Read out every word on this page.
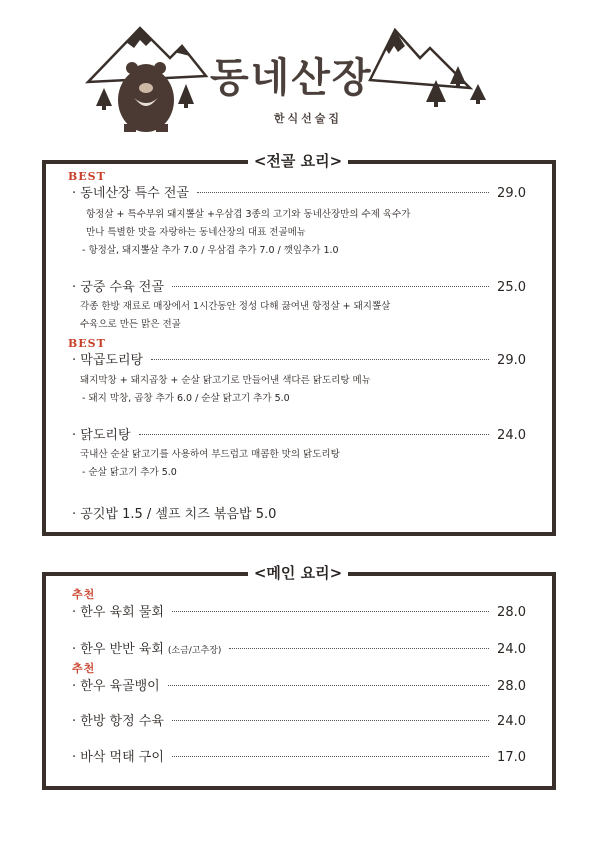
동네산장
한식선술집
<전골 요리>
BEST
· 동네산장 특수 전골	29.0
항정살 + 특수부위 돼지뽈살 +우삼겹 3종의 고기와 동네산장만의 수제 육수가
만나 특별한 맛을 자랑하는 동네산장의 대표 전골메뉴
- 항정살, 돼지뽈살 추가 7.0 / 우삼겹 추가 7.0 / 깻잎추가 1.0
· 궁중 수육 전골	25.0
각종 한방 재료로 매장에서 1시간동안 정성 다해 끓여낸 항정살 + 돼지뽈살
수육으로 만든 맑은 전골
BEST
· 막곱도리탕	29.0
돼지막창 + 돼지곱창 + 순살 닭고기로 만들어낸 색다른 닭도리탕 메뉴
- 돼지 막창, 곱창 추가 6.0 / 순살 닭고기 추가 5.0
· 닭도리탕	24.0
국내산 순살 닭고기를 사용하여 부드럽고 매콤한 맛의 닭도리탕
- 순살 닭고기 추가 5.0
· 공깃밥 1.5 / 셀프 치즈 볶음밥 5.0
<메인 요리>
추천
· 한우 육회 물회	28.0
· 한우 반반 육회 (소금/고추장)	24.0
추천
· 한우 육골뱅이	28.0
· 한방 항정 수육	24.0
· 바삭 먹태 구이	17.0
